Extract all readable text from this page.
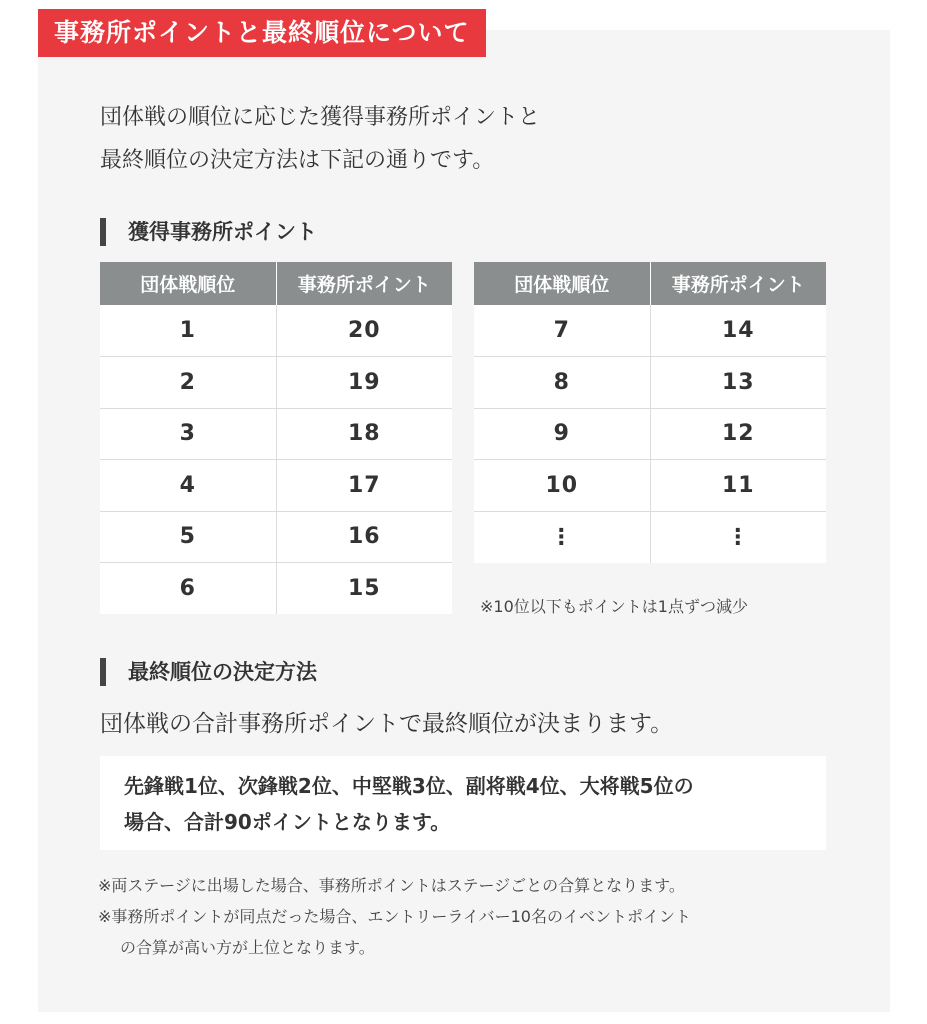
事務所ポイントと最終順位について
団体戦の順位に応じた獲得事務所ポイントと
最終順位の決定方法は下記の通りです。
獲得事務所ポイント
団体戦順位	事務所ポイント
1	20
2	19
3	18
4	17
5	16
6	15
団体戦順位	事務所ポイント
7	14
8	13
9	12
10	11
⋮	⋮
※10位以下もポイントは1点ずつ減少
最終順位の決定方法
団体戦の合計事務所ポイントで最終順位が決まります。
先鋒戦1位、次鋒戦2位、中堅戦3位、副将戦4位、大将戦5位の
場合、合計90ポイントとなります。
※両ステージに出場した場合、事務所ポイントはステージごとの合算となります。
※事務所ポイントが同点だった場合、エントリーライバー10名のイベントポイント
の合算が高い方が上位となります。
